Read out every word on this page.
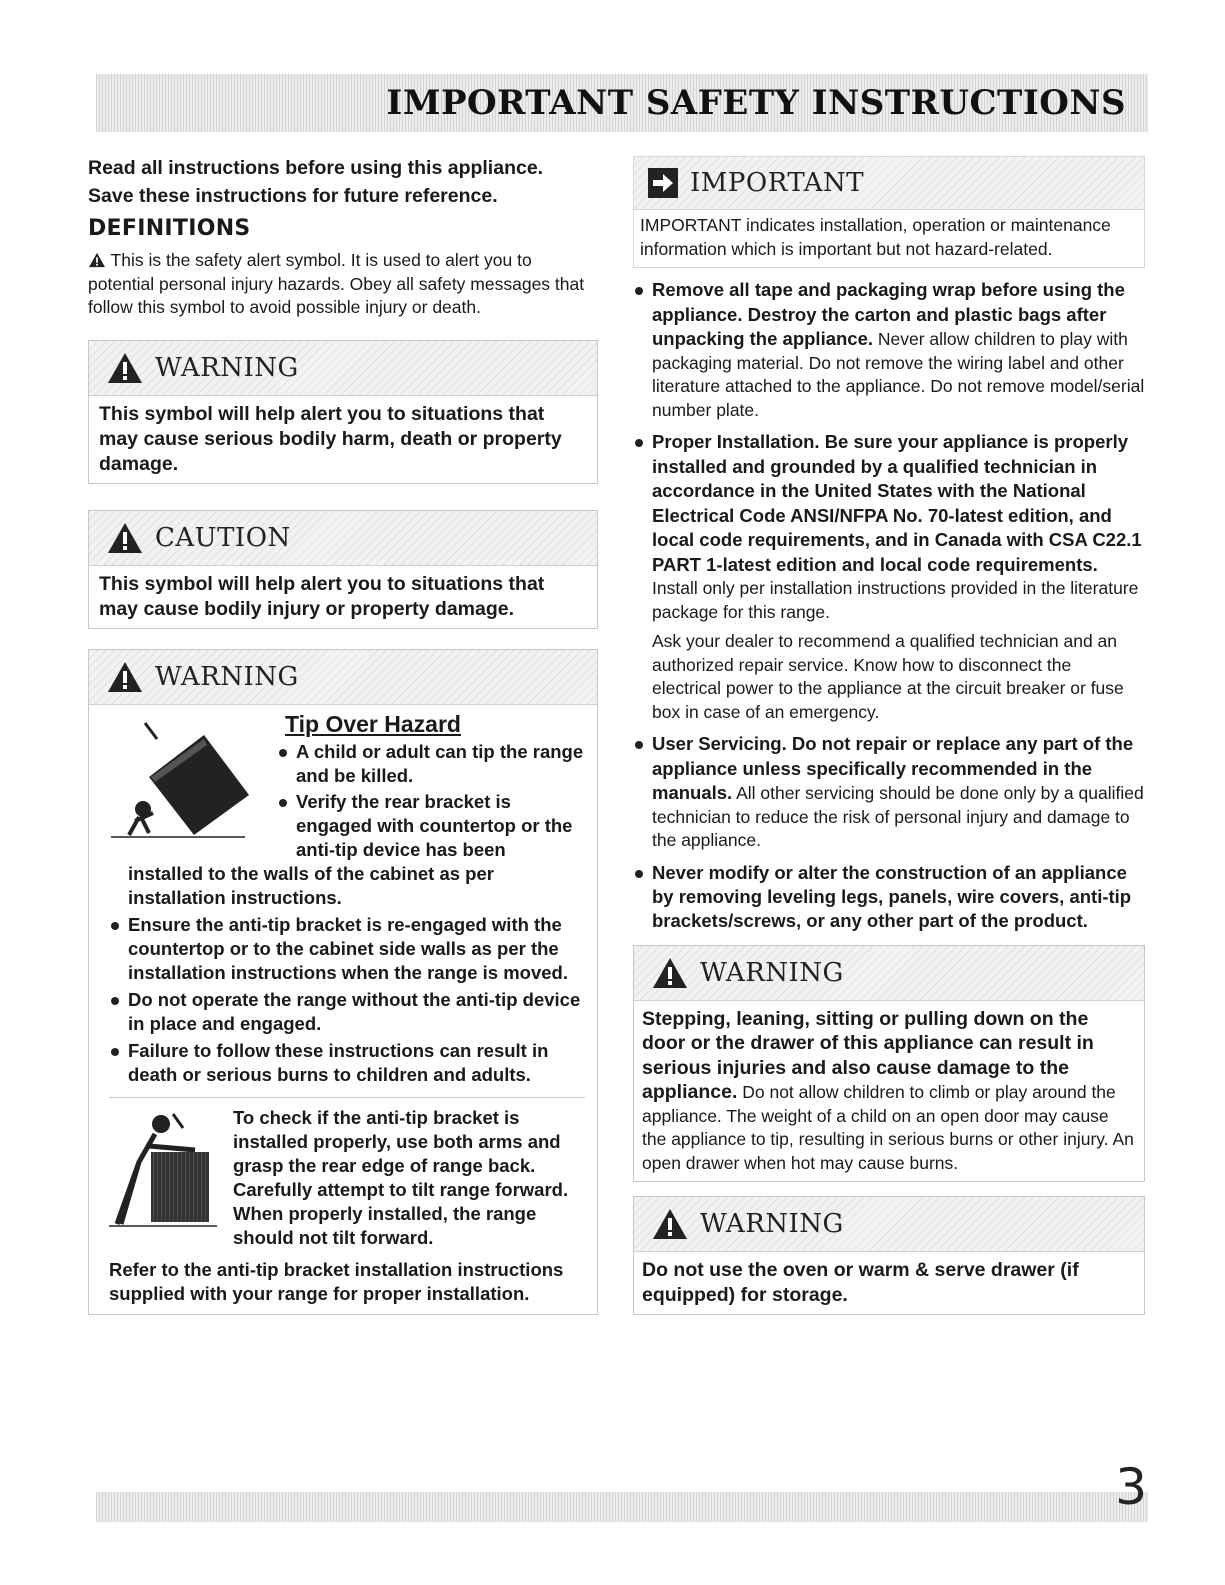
IMPORTANT SAFETY INSTRUCTIONS
Read all instructions before using this appliance.
Save these instructions for future reference.
DEFINITIONS
This is the safety alert symbol. It is used to alert you to potential personal injury hazards. Obey all safety messages that follow this symbol to avoid possible injury or death.
WARNING
This symbol will help alert you to situations that may cause serious bodily harm, death or property damage.
CAUTION
This symbol will help alert you to situations that may cause bodily injury or property damage.
WARNING
Tip Over Hazard
A child or adult can tip the range and be killed.
Verify the rear bracket is engaged with countertop or the anti-tip device has been
installed to the walls of the cabinet as per installation instructions.
Ensure the anti-tip bracket is re-engaged with the countertop or to the cabinet side walls as per the installation instructions when the range is moved.
Do not operate the range without the anti-tip device in place and engaged.
Failure to follow these instructions can result in death or serious burns to children and adults.
To check if the anti-tip bracket is installed properly, use both arms and grasp the rear edge of range back. Carefully attempt to tilt range forward. When properly installed, the range should not tilt forward.
Refer to the anti-tip bracket installation instructions supplied with your range for proper installation.
IMPORTANT
IMPORTANT indicates installation, operation or maintenance information which is important but not hazard-related.
Remove all tape and packaging wrap before using the appliance. Destroy the carton and plastic bags after unpacking the appliance. Never allow children to play with packaging material. Do not remove the wiring label and other literature attached to the appliance. Do not remove model/serial number plate.
Proper Installation. Be sure your appliance is properly installed and grounded by a qualified technician in accordance in the United States with the National Electrical Code ANSI/NFPA No. 70-latest edition, and local code requirements, and in Canada with CSA C22.1 PART 1-latest edition and local code requirements. Install only per installation instructions provided in the literature package for this range.
Ask your dealer to recommend a qualified technician and an authorized repair service. Know how to disconnect the electrical power to the appliance at the circuit breaker or fuse box in case of an emergency.
User Servicing. Do not repair or replace any part of the appliance unless specifically recommended in the manuals. All other servicing should be done only by a qualified technician to reduce the risk of personal injury and damage to the appliance.
Never modify or alter the construction of an appliance by removing leveling legs, panels, wire covers, anti-tip brackets/screws, or any other part of the product.
WARNING
Stepping, leaning, sitting or pulling down on the door or the drawer of this appliance can result in serious injuries and also cause damage to the appliance. Do not allow children to climb or play around the appliance. The weight of a child on an open door may cause the appliance to tip, resulting in serious burns or other injury. An open drawer when hot may cause burns.
WARNING
Do not use the oven or warm & serve drawer (if equipped) for storage.
3
